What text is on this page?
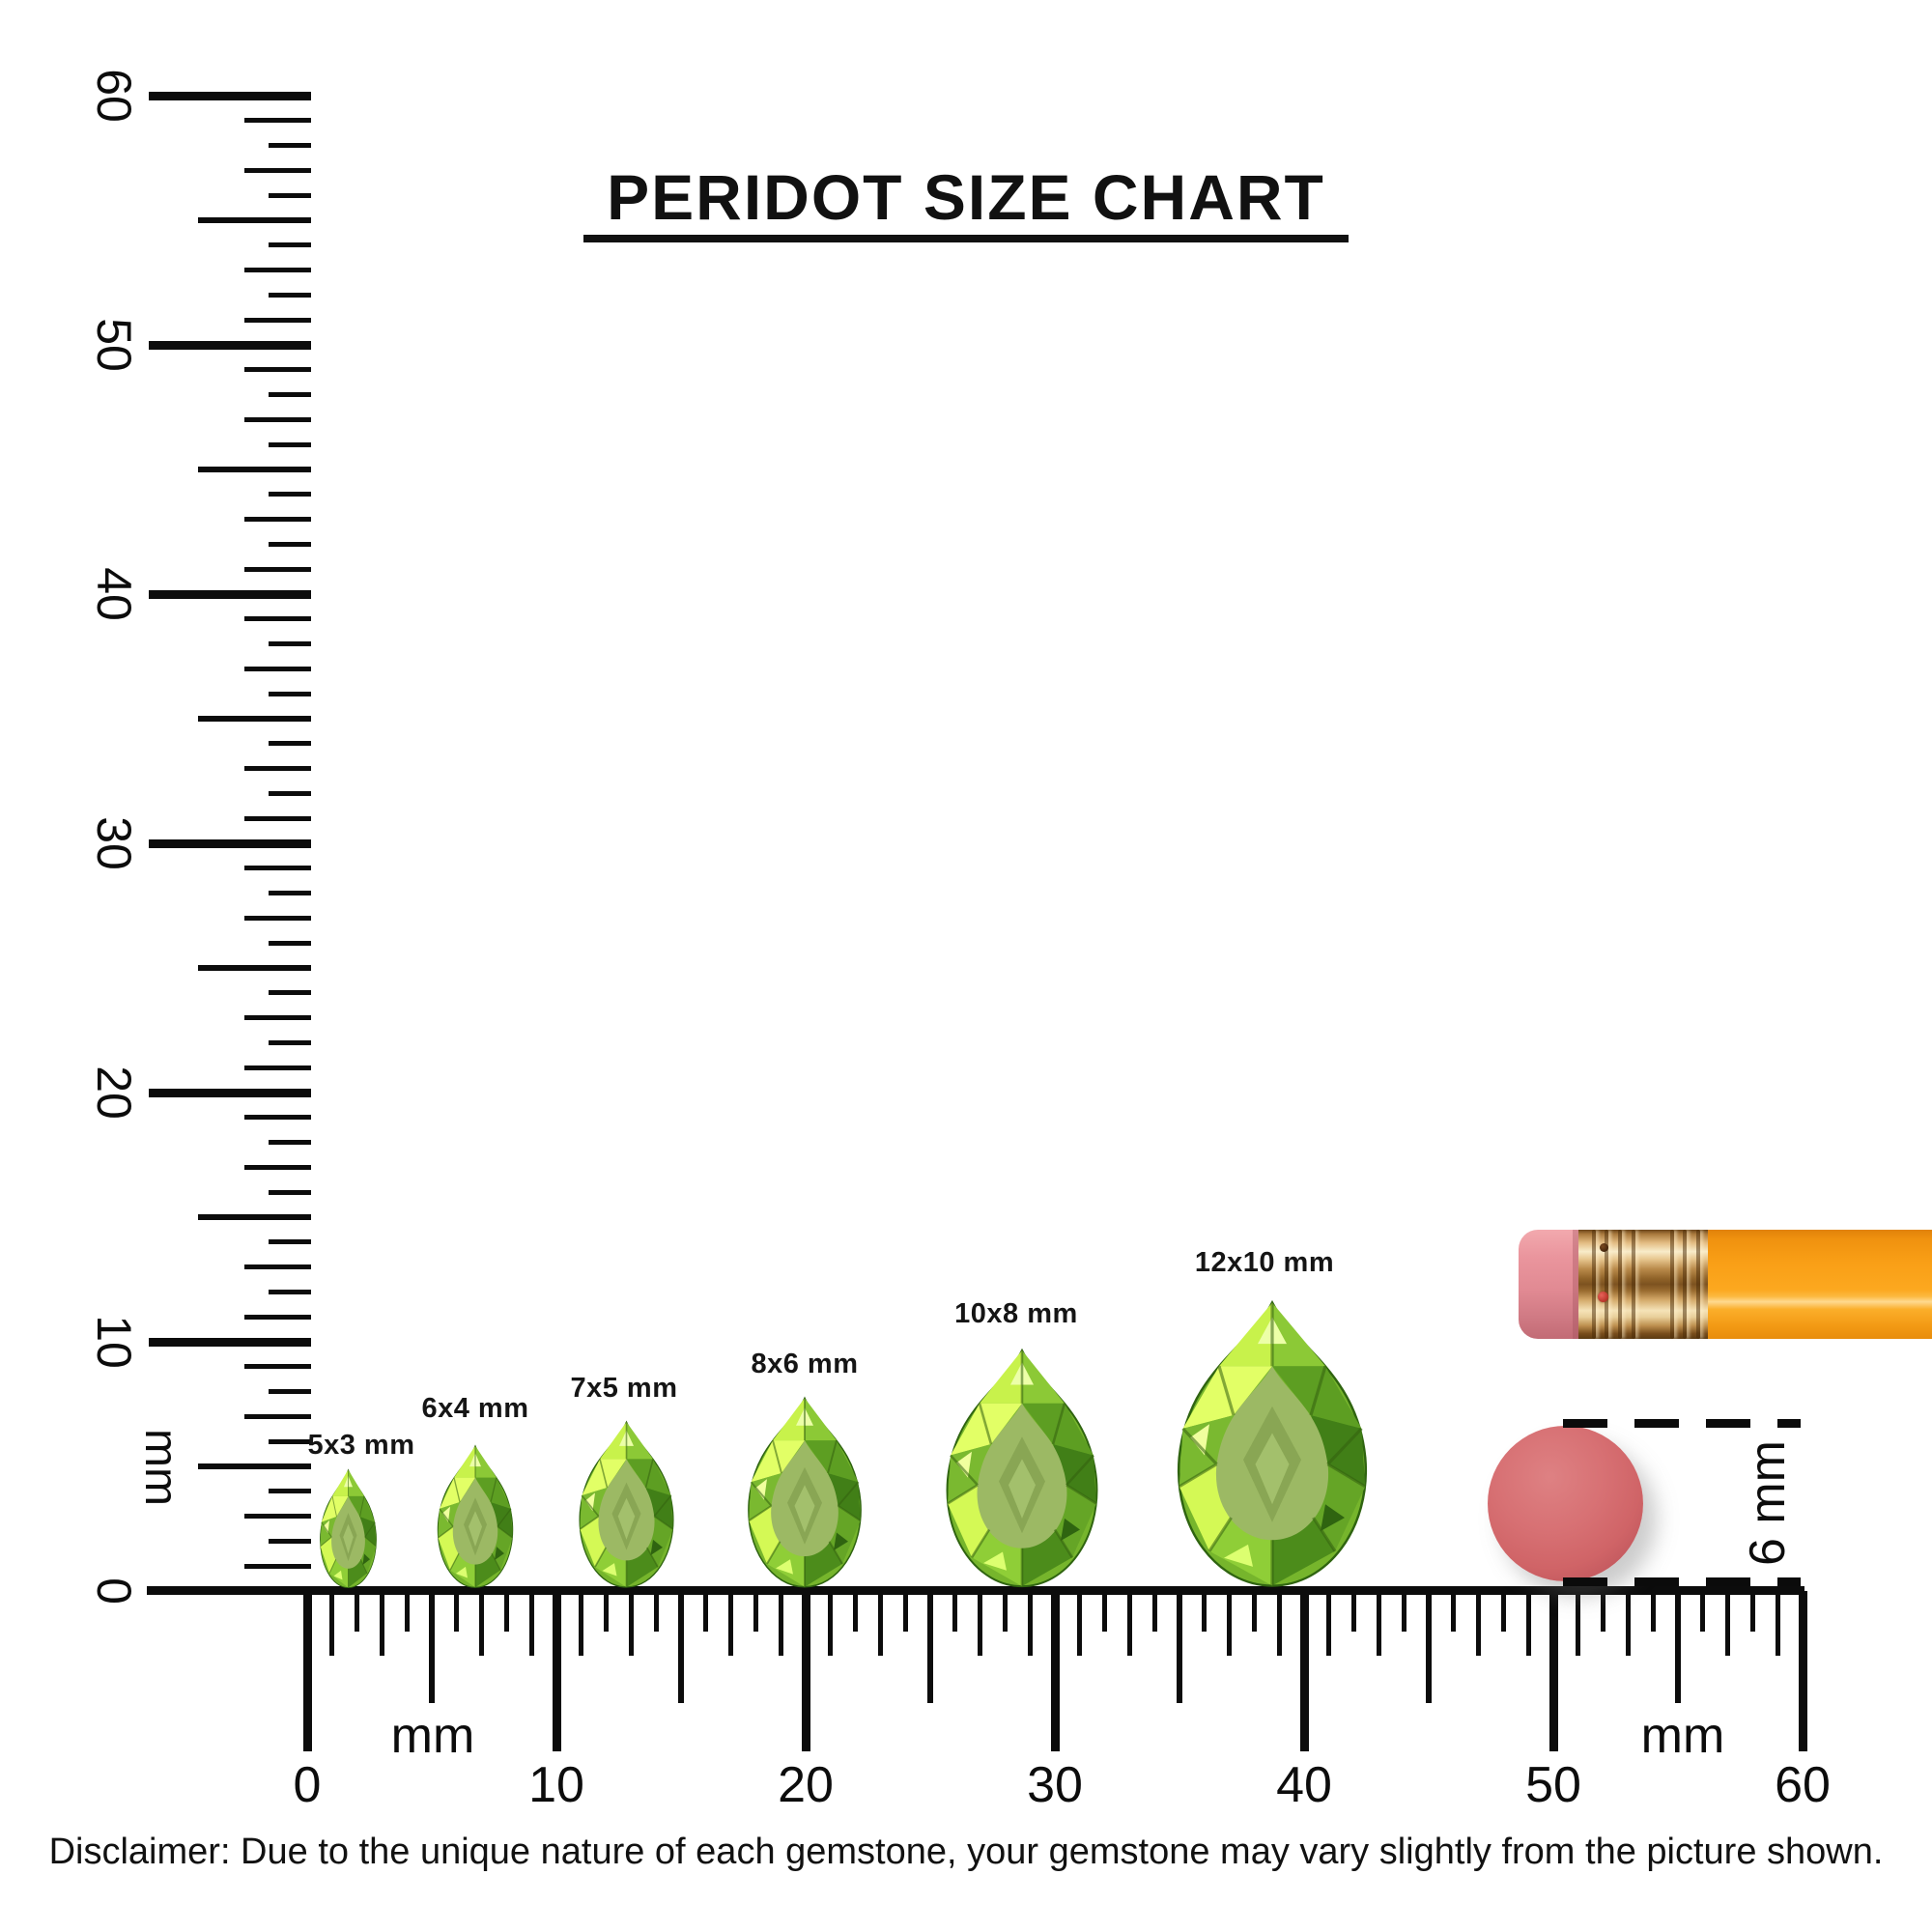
PERIDOT SIZE CHART
0
10
20
30
40
50
60
0	10	20	30	40	50	60
mm
mm	mm
5x3 mm
6x4 mm
7x5 mm
8x6 mm
10x8 mm
12x10 mm
6 mm
Disclaimer: Due to the unique nature of each gemstone, your gemstone may vary slightly from the picture shown.
